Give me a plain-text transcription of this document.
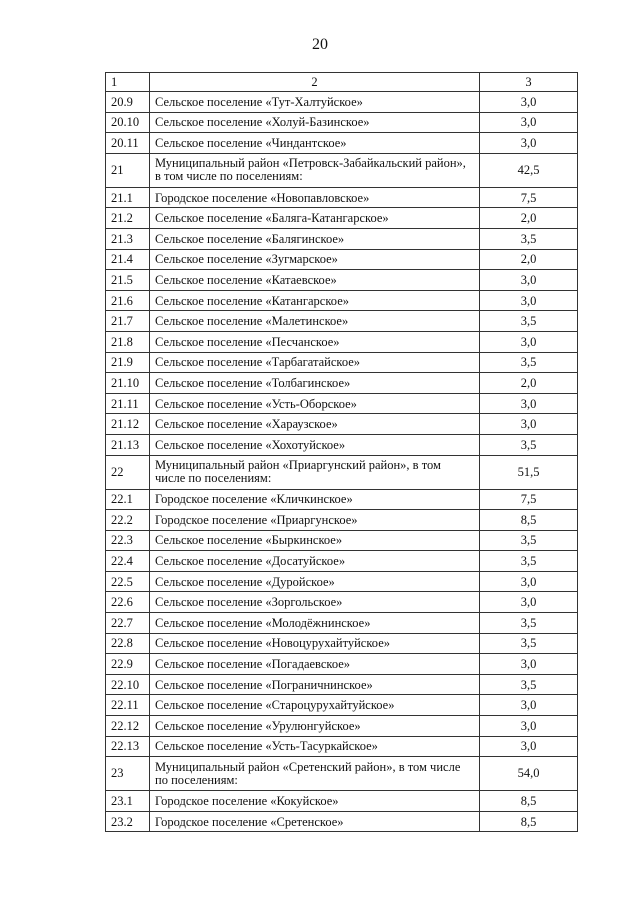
20
1	2	3
20.9	Сельское поселение «Тут-Халтуйское»	3,0
20.10	Сельское поселение «Холуй-Базинское»	3,0
20.11	Сельское поселение «Чиндантское»	3,0
21	Муниципальный район «Петровск-Забайкальский район», в том числе по поселениям:	42,5
21.1	Городское поселение «Новопавловское»	7,5
21.2	Сельское поселение «Баляга-Катангарское»	2,0
21.3	Сельское поселение «Балягинское»	3,5
21.4	Сельское поселение «Зугмарское»	2,0
21.5	Сельское поселение «Катаевское»	3,0
21.6	Сельское поселение «Катангарское»	3,0
21.7	Сельское поселение «Малетинское»	3,5
21.8	Сельское поселение «Песчанское»	3,0
21.9	Сельское поселение «Тарбагатайское»	3,5
21.10	Сельское поселение «Толбагинское»	2,0
21.11	Сельское поселение «Усть-Оборское»	3,0
21.12	Сельское поселение «Хараузское»	3,0
21.13	Сельское поселение «Хохотуйское»	3,5
22	Муниципальный район «Приаргунский район», в том числе по поселениям:	51,5
22.1	Городское поселение «Кличкинское»	7,5
22.2	Городское поселение «Приаргунское»	8,5
22.3	Сельское поселение «Быркинское»	3,5
22.4	Сельское поселение «Досатуйское»	3,5
22.5	Сельское поселение «Дуройское»	3,0
22.6	Сельское поселение «Зоргольское»	3,0
22.7	Сельское поселение «Молодёжнинское»	3,5
22.8	Сельское поселение «Новоцурухайтуйское»	3,5
22.9	Сельское поселение «Погадаевское»	3,0
22.10	Сельское поселение «Пограничнинское»	3,5
22.11	Сельское поселение «Староцурухайтуйское»	3,0
22.12	Сельское поселение «Урулюнгуйское»	3,0
22.13	Сельское поселение «Усть-Тасуркайское»	3,0
23	Муниципальный район «Сретенский район», в том числе по поселениям:	54,0
23.1	Городское поселение «Кокуйское»	8,5
23.2	Городское поселение «Сретенское»	8,5
